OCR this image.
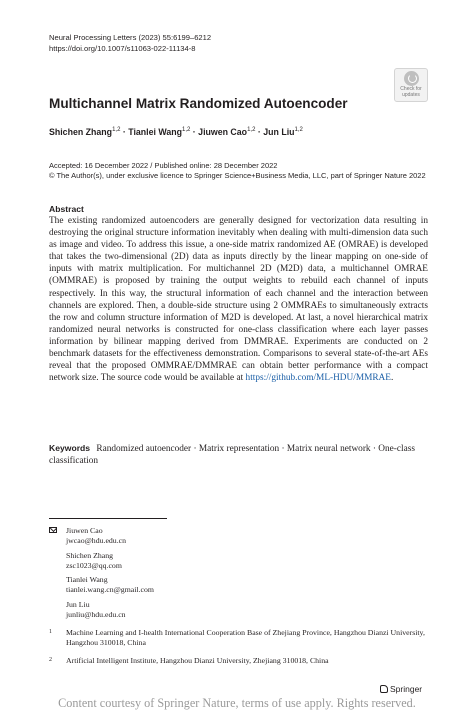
Neural Processing Letters (2023) 55:6199–6212
https://doi.org/10.1007/s11063-022-11134-8
Check for
updates
Multichannel Matrix Randomized Autoencoder
Shichen Zhang$^{1,2}$ · Tianlei Wang$^{1,2}$ · Jiuwen Cao$^{1,2}$ · Jun Liu$^{1,2}$
Accepted: 16 December 2022 / Published online: 28 December 2022
© The Author(s), under exclusive licence to Springer Science+Business Media, LLC, part of Springer Nature 2022
Abstract

The existing randomized autoencoders are generally designed for vectorization data resulting in destroying the original structure information inevitably when dealing with multi-dimension data such as image and video. To address this issue, a one-side matrix randomized AE (OMRAE) is developed that takes the two-dimensional (2D) data as inputs directly by the linear mapping on one-side of inputs with matrix multiplication. For multichannel 2D (M2D) data, a multichannel OMRAE (OMMRAE) is proposed by training the output weights to rebuild each channel of inputs respectively. In this way, the structural information of each channel and the interaction between channels are explored. Then, a double-side structure using 2 OMMRAEs to simultaneously extracts the row and column structure information of M2D is developed. At last, a novel hierarchical matrix randomized neural networks is constructed for one-class classification where each layer passes information by bilinear mapping derived from DMMRAE. Experiments are conducted on 2 benchmark datasets for the effectiveness demonstration. Comparisons to several state-of-the-art AEs reveal that the proposed OMMRAE/DMMRAE can obtain better performance with a compact network size. The source code would be available at https://github.com/ML-HDU/MMRAE.

Keywords Randomized autoencoder · Matrix representation · Matrix neural network · One-class classification
Jiuwen Cao
jwcao@hdu.edu.cn
Shichen Zhang
zsc1023@qq.com
Tianlei Wang
tianlei.wang.cn@gmail.com
Jun Liu
junliu@hdu.edu.cn
1 Machine Learning and I-health International Cooperation Base of Zhejiang Province, Hangzhou Dianzi University, Hangzhou 310018, China
2 Artificial Intelligent Institute, Hangzhou Dianzi University, Zhejiang 310018, China
Springer
Content courtesy of Springer Nature, terms of use apply. Rights reserved.
